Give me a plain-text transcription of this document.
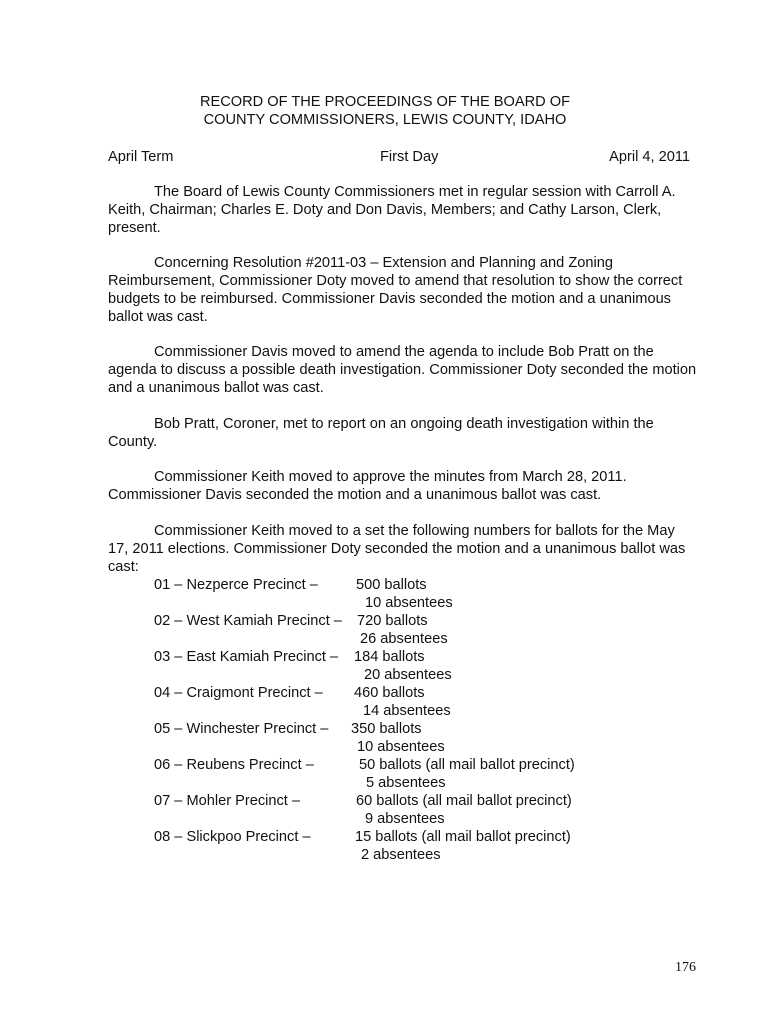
RECORD OF THE PROCEEDINGS OF THE BOARD OF
COUNTY COMMISSIONERS, LEWIS COUNTY, IDAHO
April Term	First Day	April 4, 2011

The Board of Lewis County Commissioners met in regular session with Carroll A. Keith, Chairman; Charles E. Doty and Don Davis, Members; and Cathy Larson, Clerk, present.

Concerning Resolution #2011-03 – Extension and Planning and Zoning Reimbursement, Commissioner Doty moved to amend that resolution to show the correct budgets to be reimbursed. Commissioner Davis seconded the motion and a unanimous ballot was cast.

Commissioner Davis moved to amend the agenda to include Bob Pratt on the agenda to discuss a possible death investigation. Commissioner Doty seconded the motion and a unanimous ballot was cast.

Bob Pratt, Coroner, met to report on an ongoing death investigation within the County.

Commissioner Keith moved to approve the minutes from March 28, 2011. Commissioner Davis seconded the motion and a unanimous ballot was cast.

Commissioner Keith moved to a set the following numbers for ballots for the May 17, 2011 elections. Commissioner Doty seconded the motion and a unanimous ballot was cast:

01 – Nezperce Precinct –	500 ballots
10 absentees
02 – West Kamiah Precinct – 720 ballots
26 absentees
03 – East Kamiah Precinct – 184 ballots
20 absentees
04 – Craigmont Precinct – 460 ballots
14 absentees
05 – Winchester Precinct – 350 ballots
10 absentees
06 – Reubens Precinct –	50 ballots (all mail ballot precinct)
5 absentees
07 – Mohler Precinct –	60 ballots (all mail ballot precinct)
9 absentees
08 – Slickpoo Precinct –	15 ballots (all mail ballot precinct)
2 absentees
176
